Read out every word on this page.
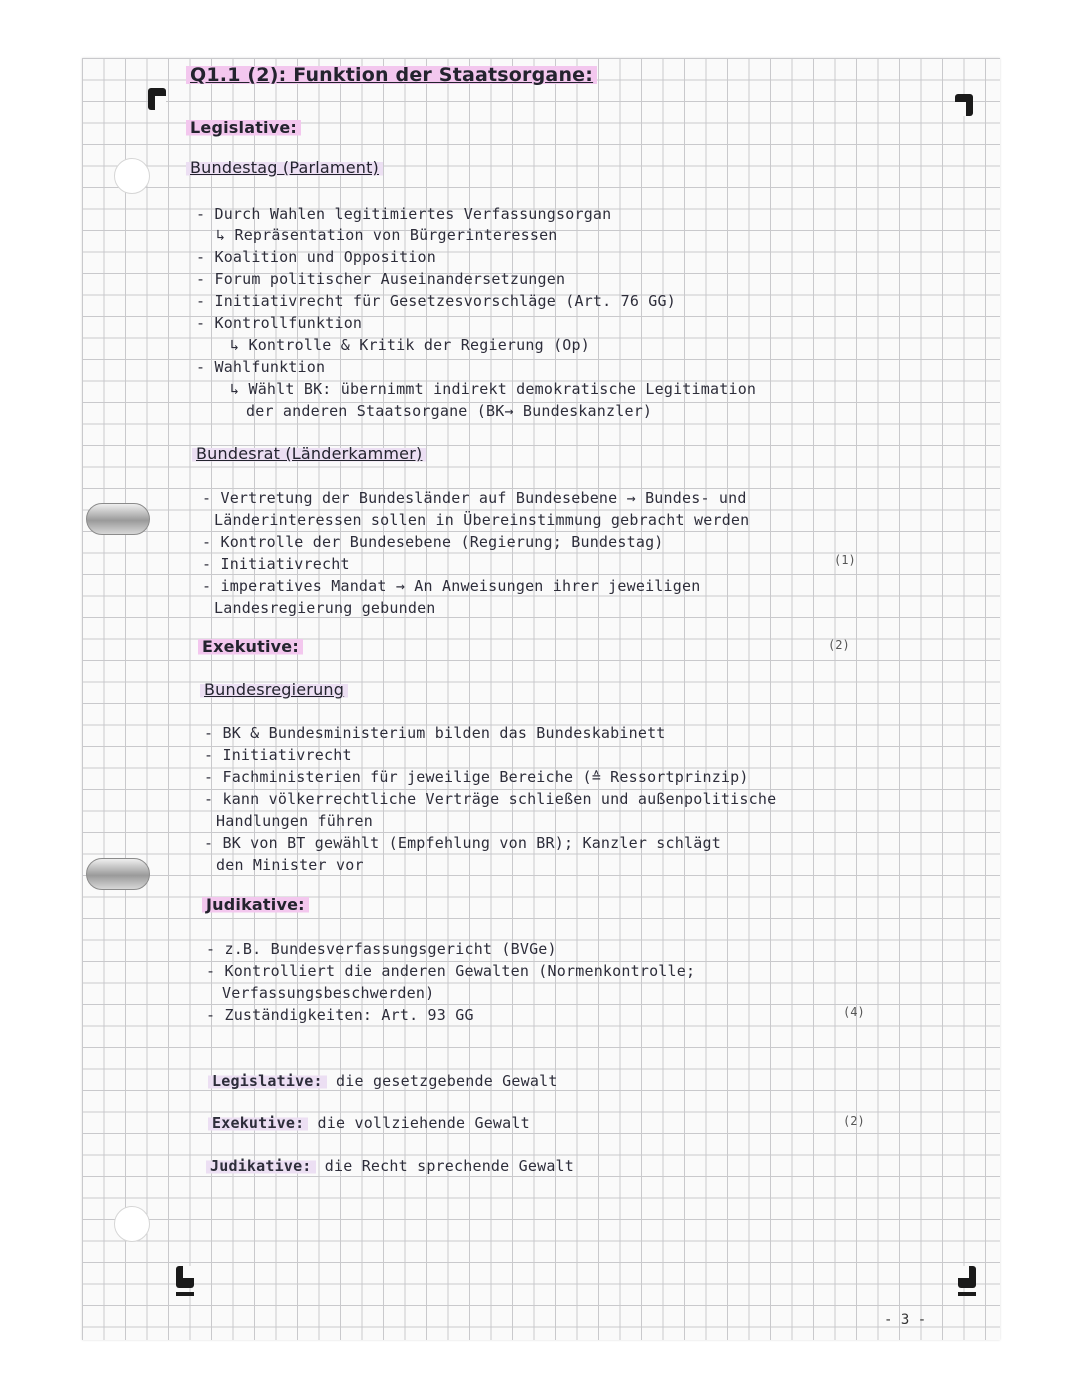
Q1.1 (2): Funktion der Staatsorgane:
Legislative:
Bundestag (Parlament)
- Durch Wahlen legitimiertes Verfassungsorgan
↳ Repräsentation von Bürgerinteressen
- Koalition und Opposition
- Forum politischer Auseinandersetzungen
- Initiativrecht für Gesetzesvorschläge (Art. 76 GG)
- Kontrollfunktion
↳ Kontrolle & Kritik der Regierung (Op)
- Wahlfunktion
↳ Wählt BK: übernimmt indirekt demokratische Legitimation
der anderen Staatsorgane (BK→ Bundeskanzler)
Bundesrat (Länderkammer)
- Vertretung der Bundesländer auf Bundesebene → Bundes- und
Länderinteressen sollen in Übereinstimmung gebracht werden
- Kontrolle der Bundesebene (Regierung; Bundestag)
- Initiativrecht
- imperatives Mandat → An Anweisungen ihrer jeweiligen
Landesregierung gebunden
Exekutive:
Bundesregierung
- BK & Bundesministerium bilden das Bundeskabinett
- Initiativrecht
- Fachministerien für jeweilige Bereiche (≙ Ressortprinzip)
- kann völkerrechtliche Verträge schließen und außenpolitische
Handlungen führen
- BK von BT gewählt (Empfehlung von BR); Kanzler schlägt
den Minister vor
Judikative:
- z.B. Bundesverfassungsgericht (BVGe)
- Kontrolliert die anderen Gewalten (Normenkontrolle;
Verfassungsbeschwerden)
- Zuständigkeiten: Art. 93 GG
Legislative: die gesetzgebende Gewalt
Exekutive: die vollziehende Gewalt
Judikative: die Recht sprechende Gewalt
(1)
(2)
(4)
(2)
- 3 -
